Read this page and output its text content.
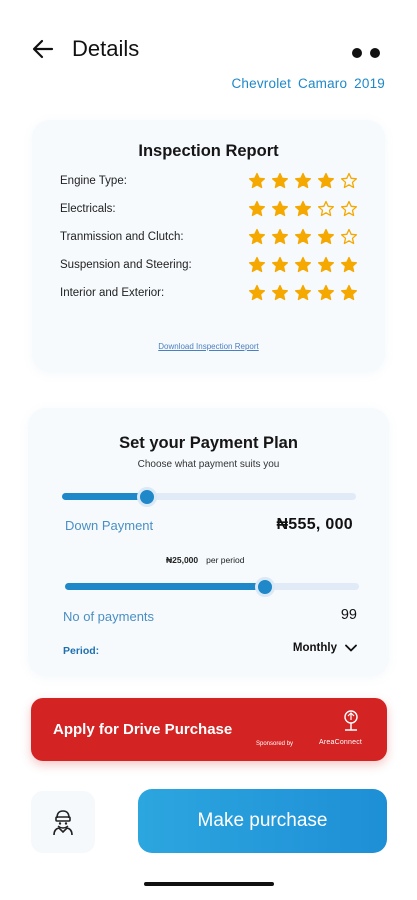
Details
Chevrolet Camaro 2019
Inspection Report
Engine Type:
Electricals:
Tranmission and Clutch:
Suspension and Steering:
Interior and Exterior:
Download Inspection Report
Set your Payment Plan
Choose what payment suits you
Down Payment	₦555, 000
₦25,000 per period
No of payments	99
Period:	Monthly
Apply for Drive Purchase
Sponsored by	AreaConnect
Make purchase
